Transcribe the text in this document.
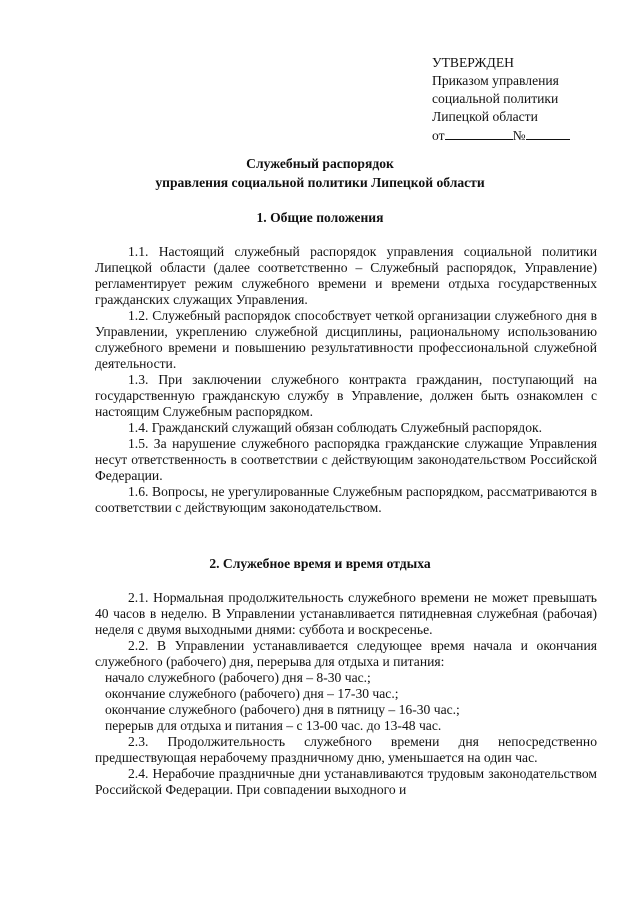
УТВЕРЖДЕН
Приказом управления
социальной политики
Липецкой области
от	№
Служебный распорядок
управления социальной политики Липецкой области
1. Общие положения

1.1. Настоящий служебный распорядок управления социальной политики Липецкой области (далее соответственно – Служебный распорядок, Управление) регламентирует режим служебного времени и времени отдыха государственных гражданских служащих Управления.

1.2. Служебный распорядок способствует четкой организации служебного дня в Управлении, укреплению служебной дисциплины, рациональному использованию служебного времени и повышению результативности профессиональной служебной деятельности.

1.3. При заключении служебного контракта гражданин, поступающий на государственную гражданскую службу в Управление, должен быть ознакомлен с настоящим Служебным распорядком.

1.4. Гражданский служащий обязан соблюдать Служебный распорядок.

1.5. За нарушение служебного распорядка гражданские служащие Управления несут ответственность в соответствии с действующим законодательством Российской Федерации.

1.6. Вопросы, не урегулированные Служебным распорядком, рассматриваются в соответствии с действующим законодательством.

2. Служебное время и время отдыха

2.1. Нормальная продолжительность служебного времени не может превышать 40 часов в неделю. В Управлении устанавливается пятидневная служебная (рабочая) неделя с двумя выходными днями: суббота и воскресенье.

2.2. В Управлении устанавливается следующее время начала и окончания служебного (рабочего) дня, перерыва для отдыха и питания:

начало служебного (рабочего) дня – 8-30 час.;

окончание служебного (рабочего) дня – 17-30 час.;

окончание служебного (рабочего) дня в пятницу – 16-30 час.;

перерыв для отдыха и питания – с 13-00 час. до 13-48 час.

2.3. Продолжительность служебного времени дня непосредственно предшествующая нерабочему праздничному дню, уменьшается на один час.

2.4. Нерабочие праздничные дни устанавливаются трудовым законодательством Российской Федерации. При совпадении выходного и
